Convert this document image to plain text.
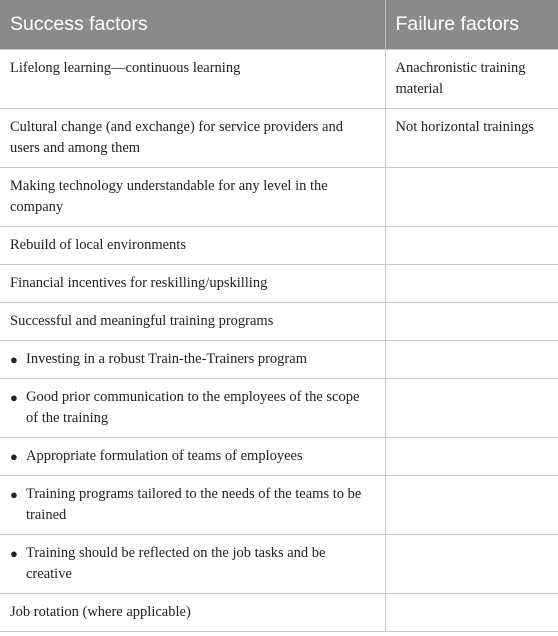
Success factors	Failure factors
Lifelong learning—continuous learning	Anachronistic training material
Cultural change (and exchange) for service providers and users and among them	Not horizontal trainings
Making technology understandable for any level in the company	
Rebuild of local environments	
Financial incentives for reskilling/upskilling	
Successful and meaningful training programs	

● Investing in a robust Train-the-Trainers program	

● Good prior communication to the employees of the scope of the training	

● Appropriate formulation of teams of employees	

● Training programs tailored to the needs of the teams to be trained	

● Training should be reflected on the job tasks and be creative	

Job rotation (where applicable)	
